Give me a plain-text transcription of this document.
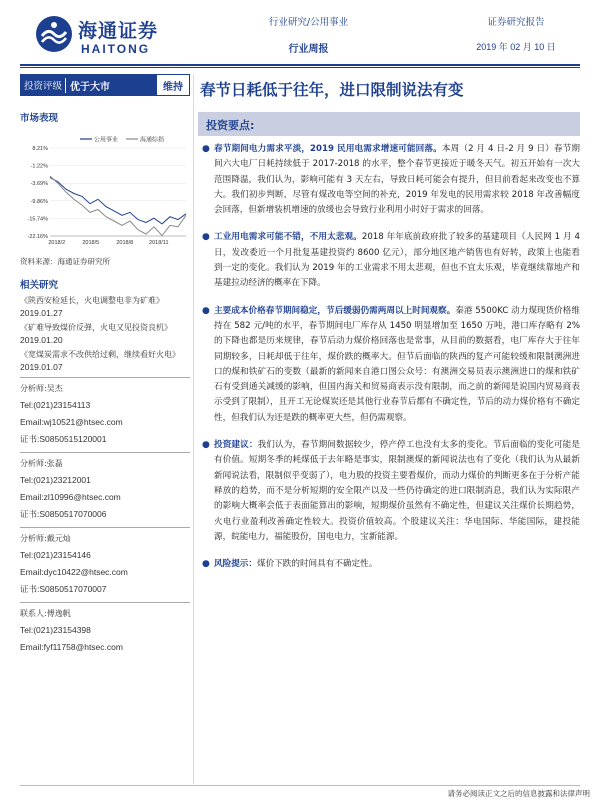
海通证券
HAITONG
行业研究/公用事业
行业周报
证券研究报告
2019 年 02 月 10 日
投资评级 优于大市	维持
市场表现
公用事业	海通综指
8.21%
-1.22%
-3.69%
-9.86%
-15.74%
-22.16%
2018/2	2018/5	2018/8	2018/11
资料来源：海通证券研究所
相关研究
《陕西安检延长，火电调整电非为矿难》
2019.01.27
《矿难导致煤价反弹，火电又见投资良机》
2019.01.20
《宽煤炭需求不改供给过剩，继续看好火电》
2019.01.07
分析师:吴杰
Tel:(021)23154113
Email:wj10521@htsec.com
证书:S0850515120001
分析师:张磊
Tel:(021)23212001
Email:zl10996@htsec.com
证书:S0850517070006
分析师:戴元灿
Tel:(021)23154146
Email:dyc10422@htsec.com
证书:S0850517070007
联系人:傅逸帆
Tel:(021)23154398
Email:fyf11758@htsec.com
春节日耗低于往年，进口限制说法有变
投资要点:
● 春节期间电力需求平淡，2019 民用电需求增速可能回落。本周（2 月 4 日-2 月 9 日）春节期间六大电厂日耗持续低于 2017-2018 的水平，整个春节更接近于暖冬天气。初五开始有一次大范围降温，我们认为，影响可能有 3 天左右，导致日耗可能会有提升，但目前看起来改变也不算大。我们初步判断，尽管有煤改电等空间的补充，2019 年发电的民用需求较 2018 年改善幅度会回落，但新增装机增速的放缓也会导致行业利用小时好于需求的回落。
● 工业用电需求可能不错，不用太悲观。2018 年年底前政府批了较多的基建项目（人民网 1 月 4 日，发改委近一个月批复基建投资约 8600 亿元），部分地区地产销售也有好转，政策上也能看到一定的变化。我们认为 2019 年的工业需求不用太悲观，但也不宜太乐观，毕竟继续靠地产和基建拉动经济的概率在下降。
● 主要成本价格春节期间稳定，节后缓弱仍需两周以上时间观察。秦港 5500KC 动力煤现货价格维持在 582 元/吨的水平，春节期间电厂库存从 1450 明显增加至 1650 万吨，港口库存略有 2%的下降也都是历来规律，春节后动力煤价格回落也是常事，从目前的数据看，电厂库存大于往年同期较多，日耗却低于往年，煤价跌的概率大。但节后面临的陕西的复产可能较缓和限制澳洲进口的煤和铁矿石的变数（最新的新闻来自港口图公众号：有澳洲交易员表示澳洲进口的煤和铁矿石有受到通关减缓的影响，但国内海关和贸易商表示没有限制，而之前的新闻是说国内贸易商表示受到了限制），且开工无论煤炭还是其他行业春节后都有不确定性，节后的动力煤价格有不确定性，但我们认为还是跌的概率更大些，但仍需观察。
● 投资建议：我们认为，春节期间数据较少，停产停工也没有太多的变化。节后面临的变化可能是有价值。短期冬季的耗煤低于去年略是事实，限制澳煤的新闻说法也有了变化（我们认为从最新新闻说法看，限制似乎变弱了），电力股的投资主要看煤价，而动力煤价的判断更多在于分析产能释放的趋势，而不是分析短期的安全限产以及一些仍待确定的进口限制消息，我们认为实际限产的影响大概率会低于表面能算出的影响，短期煤价虽然有不确定性，但建议关注煤价长期趋势，火电行业盈利改善确定性较大。投资价值较高。个股建议关注：华电国际、华能国际，建投能源，皖能电力，福能股份，国电电力，宝新能源。
● 风险提示：煤价下跌的时间具有不确定性。
请务必阅读正文之后的信息披露和法律声明
